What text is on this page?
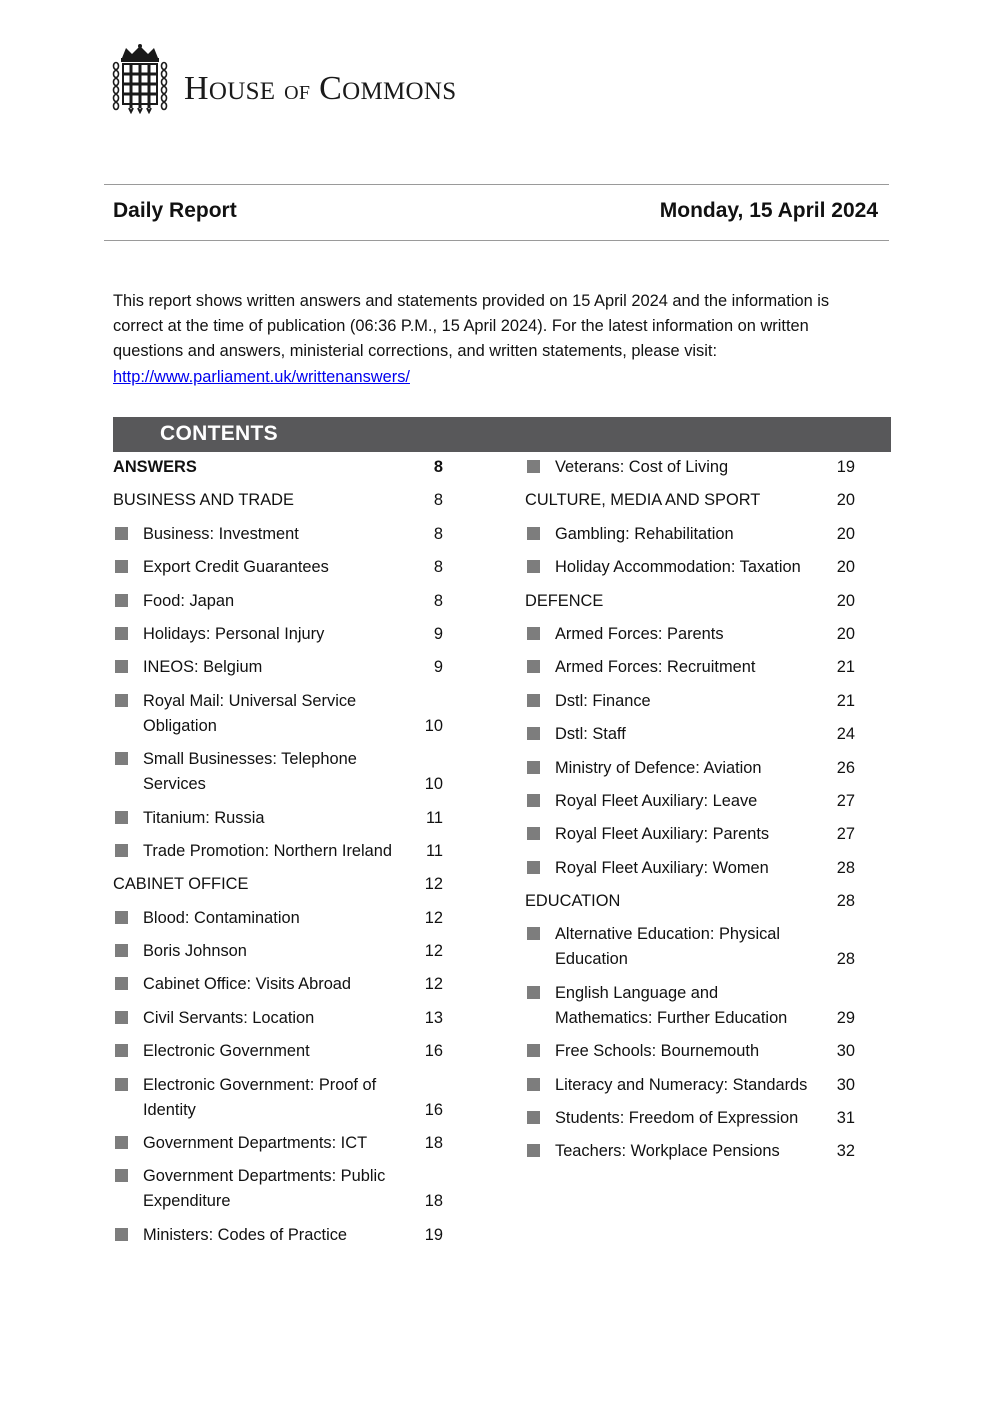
HOUSE OF COMMONS
Daily Report	Monday, 15 April 2024
This report shows written answers and statements provided on 15 April 2024 and the information is correct at the time of publication (06:36 P.M., 15 April 2024). For the latest information on written questions and answers, ministerial corrections, and written statements, please visit: http://www.parliament.uk/writtenanswers/
CONTENTS
ANSWERS	8
BUSINESS AND TRADE	8
Business: Investment	8
Export Credit Guarantees	8
Food: Japan	8
Holidays: Personal Injury	9
INEOS: Belgium	9
Royal Mail: Universal Service Obligation	10
Small Businesses: Telephone Services	10
Titanium: Russia	11
Trade Promotion: Northern Ireland	11
CABINET OFFICE	12
Blood: Contamination	12
Boris Johnson	12
Cabinet Office: Visits Abroad	12
Civil Servants: Location	13
Electronic Government	16
Electronic Government: Proof of Identity	16
Government Departments: ICT	18
Government Departments: Public Expenditure	18
Ministers: Codes of Practice	19
Veterans: Cost of Living	19
CULTURE, MEDIA AND SPORT	20
Gambling: Rehabilitation	20
Holiday Accommodation: Taxation	20
DEFENCE	20
Armed Forces: Parents	20
Armed Forces: Recruitment	21
Dstl: Finance	21
Dstl: Staff	24
Ministry of Defence: Aviation	26
Royal Fleet Auxiliary: Leave	27
Royal Fleet Auxiliary: Parents	27
Royal Fleet Auxiliary: Women	28
EDUCATION	28
Alternative Education: Physical Education	28
English Language and Mathematics: Further Education	29
Free Schools: Bournemouth	30
Literacy and Numeracy: Standards 30
Students: Freedom of Expression	31
Teachers: Workplace Pensions	32
